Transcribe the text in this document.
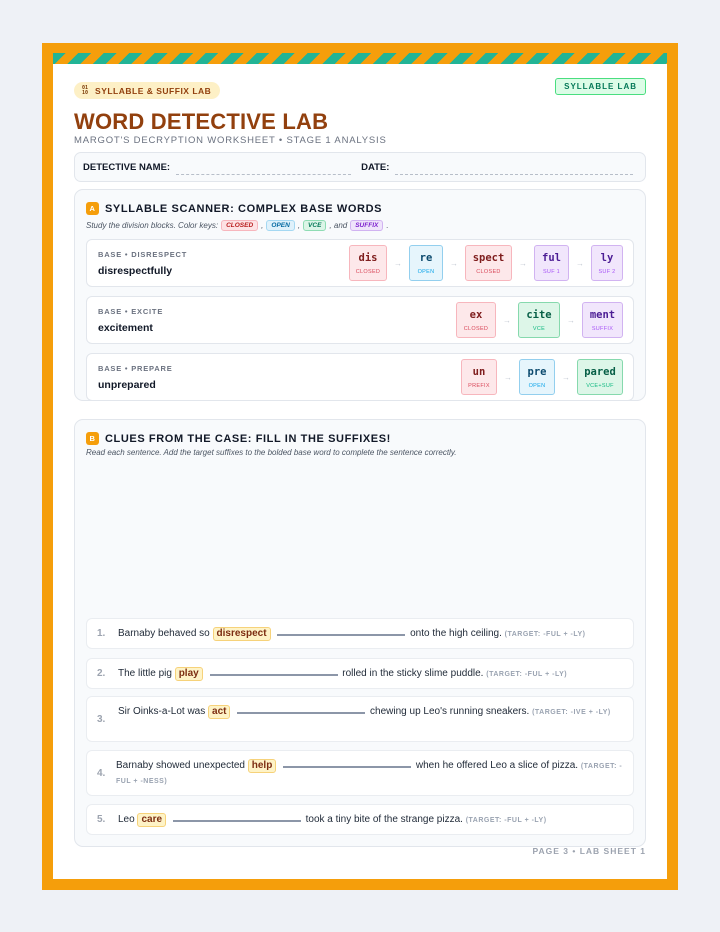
01
10 SYLLABLE & SUFFIX LAB	SYLLABLE LAB
WORD DETECTIVE LAB
MARGOT'S DECRYPTION WORKSHEET • STAGE 1 ANALYSIS
DETECTIVE NAME:	DATE:
A SYLLABLE SCANNER: COMPLEX BASE WORDS
Study the division blocks. Color keys:	CLOSED	,	OPEN	,	VCE	, and	SUFFIX	.
BASE • DISRESPECT
disrespectfully
dis
CLOSED
→	re
OPEN
→	spect
CLOSED
→	ful
SUF 1
→	ly
SUF 2
BASE • EXCITE
excitement
ex
CLOSED
→	cite
VCE
→	ment
SUFFIX
BASE • PREPARE
unprepared
un
PREFIX
→	pre
OPEN
→	pared
VCE+SUF
B CLUES FROM THE CASE: FILL IN THE SUFFIXES!
Read each sentence. Add the target suffixes to the bolded base word to complete the sentence correctly.
1. Barnaby behaved so disrespect	onto the high ceiling. (TARGET: -FUL + -LY)
2. The little pig play	rolled in the sticky slime puddle. (TARGET: -FUL + -LY)
3.
Sir Oinks-a-Lot was act	chewing up Leo's running sneakers. (TARGET: -IVE + -LY)
4.
Barnaby showed unexpected help	when he offered Leo a slice of pizza. (TARGET: -FUL + -NESS)
5. Leo care	took a tiny bite of the strange pizza. (TARGET: -FUL + -LY)
PAGE 3 • LAB SHEET 1
